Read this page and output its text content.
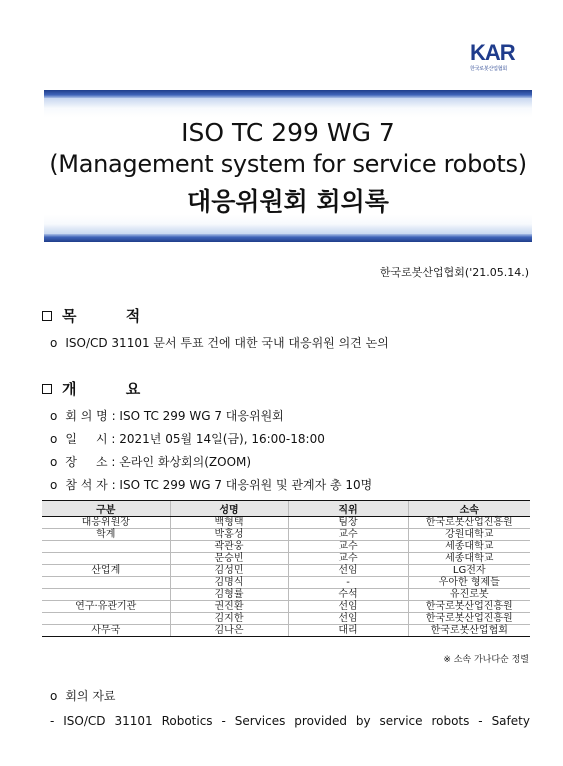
KAR
한국로봇산업협회
ISO TC 299 WG 7
(Management system for service robots)
대응위원회 회의록
한국로봇산업협회('21.05.14.)
목 적
o ISO/CD 31101 문서 투표 건에 대한 국내 대응위원 의견 논의
개 요
o 회 의 명 : ISO TC 299 WG 7 대응위원회
o 일     시 : 2021년 05월 14일(금), 16:00-18:00
o 장     소 : 온라인 화상회의(ZOOM)
o 참 석 자 : ISO TC 299 WG 7 대응위원 및 관계자 총 10명
구분	성명	직위	소속
대응위원장	백형택	팀장	한국로봇산업진흥원
학계	박홍성	교수	강원대학교
	곽관웅	교수	세종대학교
	문승빈	교수	세종대학교
산업계	김성민	선임	LG전자
	김명식	-	우아한 형제들
	김형률	수석	유진로봇
연구·유관기관	권진환	선임	한국로봇산업진흥원
	김지한	선임	한국로봇산업진흥원
사무국	김나은	대리	한국로봇산업협회
※ 소속 가나다순 정렬
o 회의 자료
- ISO/CD 31101 Robotics - Services provided by service robots - Safety
